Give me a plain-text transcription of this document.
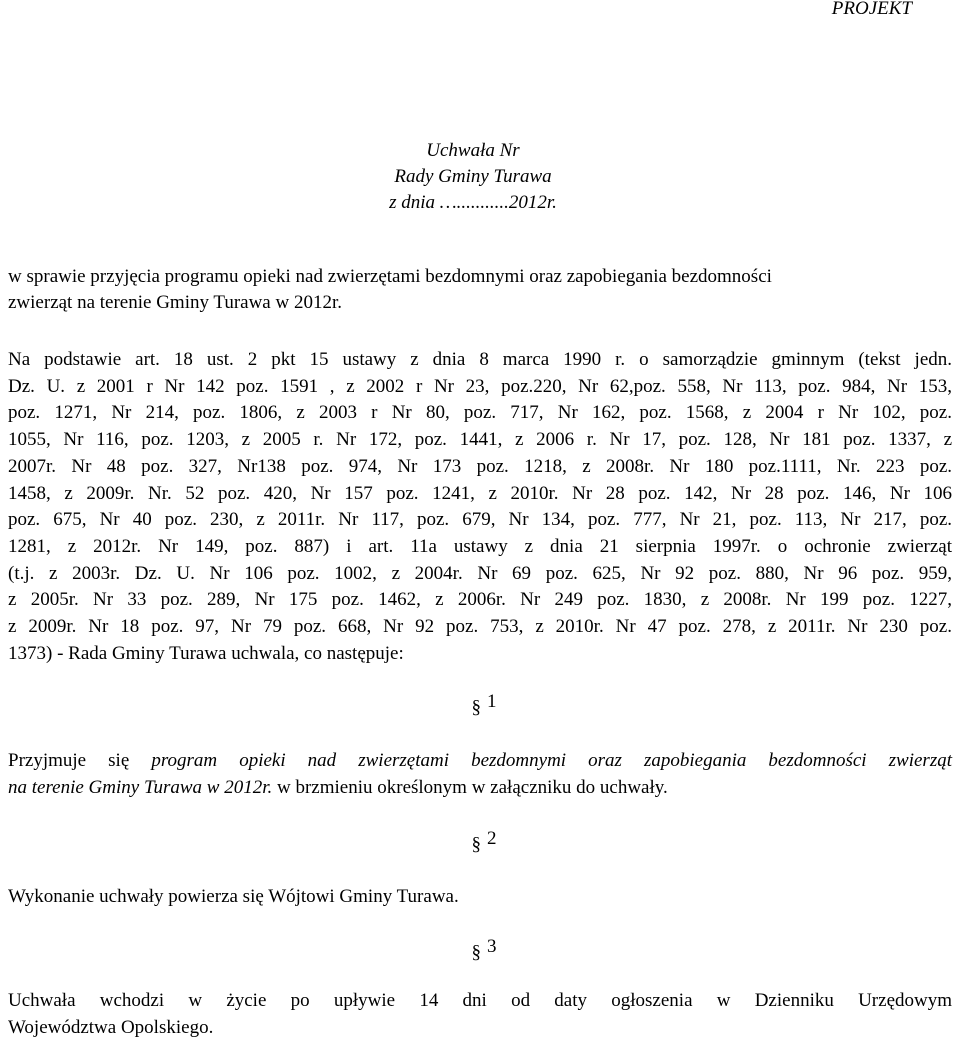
PROJEKT
Uchwała Nr
Rady Gminy Turawa
z dnia …...........2012r.
w sprawie przyjęcia programu opieki nad zwierzętami bezdomnymi oraz zapobiegania bezdomności
zwierząt na terenie Gminy Turawa w 2012r.
Na podstawie art. 18 ust. 2 pkt 15 ustawy z dnia 8 marca 1990 r. o samorządzie gminnym (tekst jedn.
Dz. U. z 2001 r Nr 142 poz. 1591 , z 2002 r Nr 23, poz.220, Nr 62,poz. 558, Nr 113, poz. 984, Nr 153,
poz. 1271, Nr 214, poz. 1806, z 2003 r Nr 80, poz. 717, Nr 162, poz. 1568, z 2004 r Nr 102, poz.
1055, Nr 116, poz. 1203, z 2005 r. Nr 172, poz. 1441, z 2006 r. Nr 17, poz. 128, Nr 181 poz. 1337, z
2007r. Nr 48 poz. 327, Nr138 poz. 974, Nr 173 poz. 1218, z 2008r. Nr 180 poz.1111, Nr. 223 poz.
1458, z 2009r. Nr. 52 poz. 420, Nr 157 poz. 1241, z 2010r. Nr 28 poz. 142, Nr 28 poz. 146, Nr 106
poz. 675, Nr 40 poz. 230, z 2011r. Nr 117, poz. 679, Nr 134, poz. 777, Nr 21, poz. 113, Nr 217, poz.
1281, z 2012r. Nr 149, poz. 887) i art. 11a ustawy z dnia 21 sierpnia 1997r. o ochronie zwierząt
(t.j. z 2003r. Dz. U. Nr 106 poz. 1002, z 2004r. Nr 69 poz. 625, Nr 92 poz. 880, Nr 96 poz. 959,
z 2005r. Nr 33 poz. 289, Nr 175 poz. 1462, z 2006r. Nr 249 poz. 1830, z 2008r. Nr 199 poz. 1227,
z 2009r. Nr 18 poz. 97, Nr 79 poz. 668, Nr 92 poz. 753, z 2010r. Nr 47 poz. 278, z 2011r. Nr 230 poz.
1373) - Rada Gminy Turawa uchwala, co następuje:
§ 1
Przyjmuje się program opieki nad zwierzętami bezdomnymi oraz zapobiegania bezdomności zwierząt
na terenie Gminy Turawa w 2012r. w brzmieniu określonym w załączniku do uchwały.
§ 2
Wykonanie uchwały powierza się Wójtowi Gminy Turawa.
§ 3
Uchwała wchodzi w życie po upływie 14 dni od daty ogłoszenia w Dzienniku Urzędowym
Województwa Opolskiego.
